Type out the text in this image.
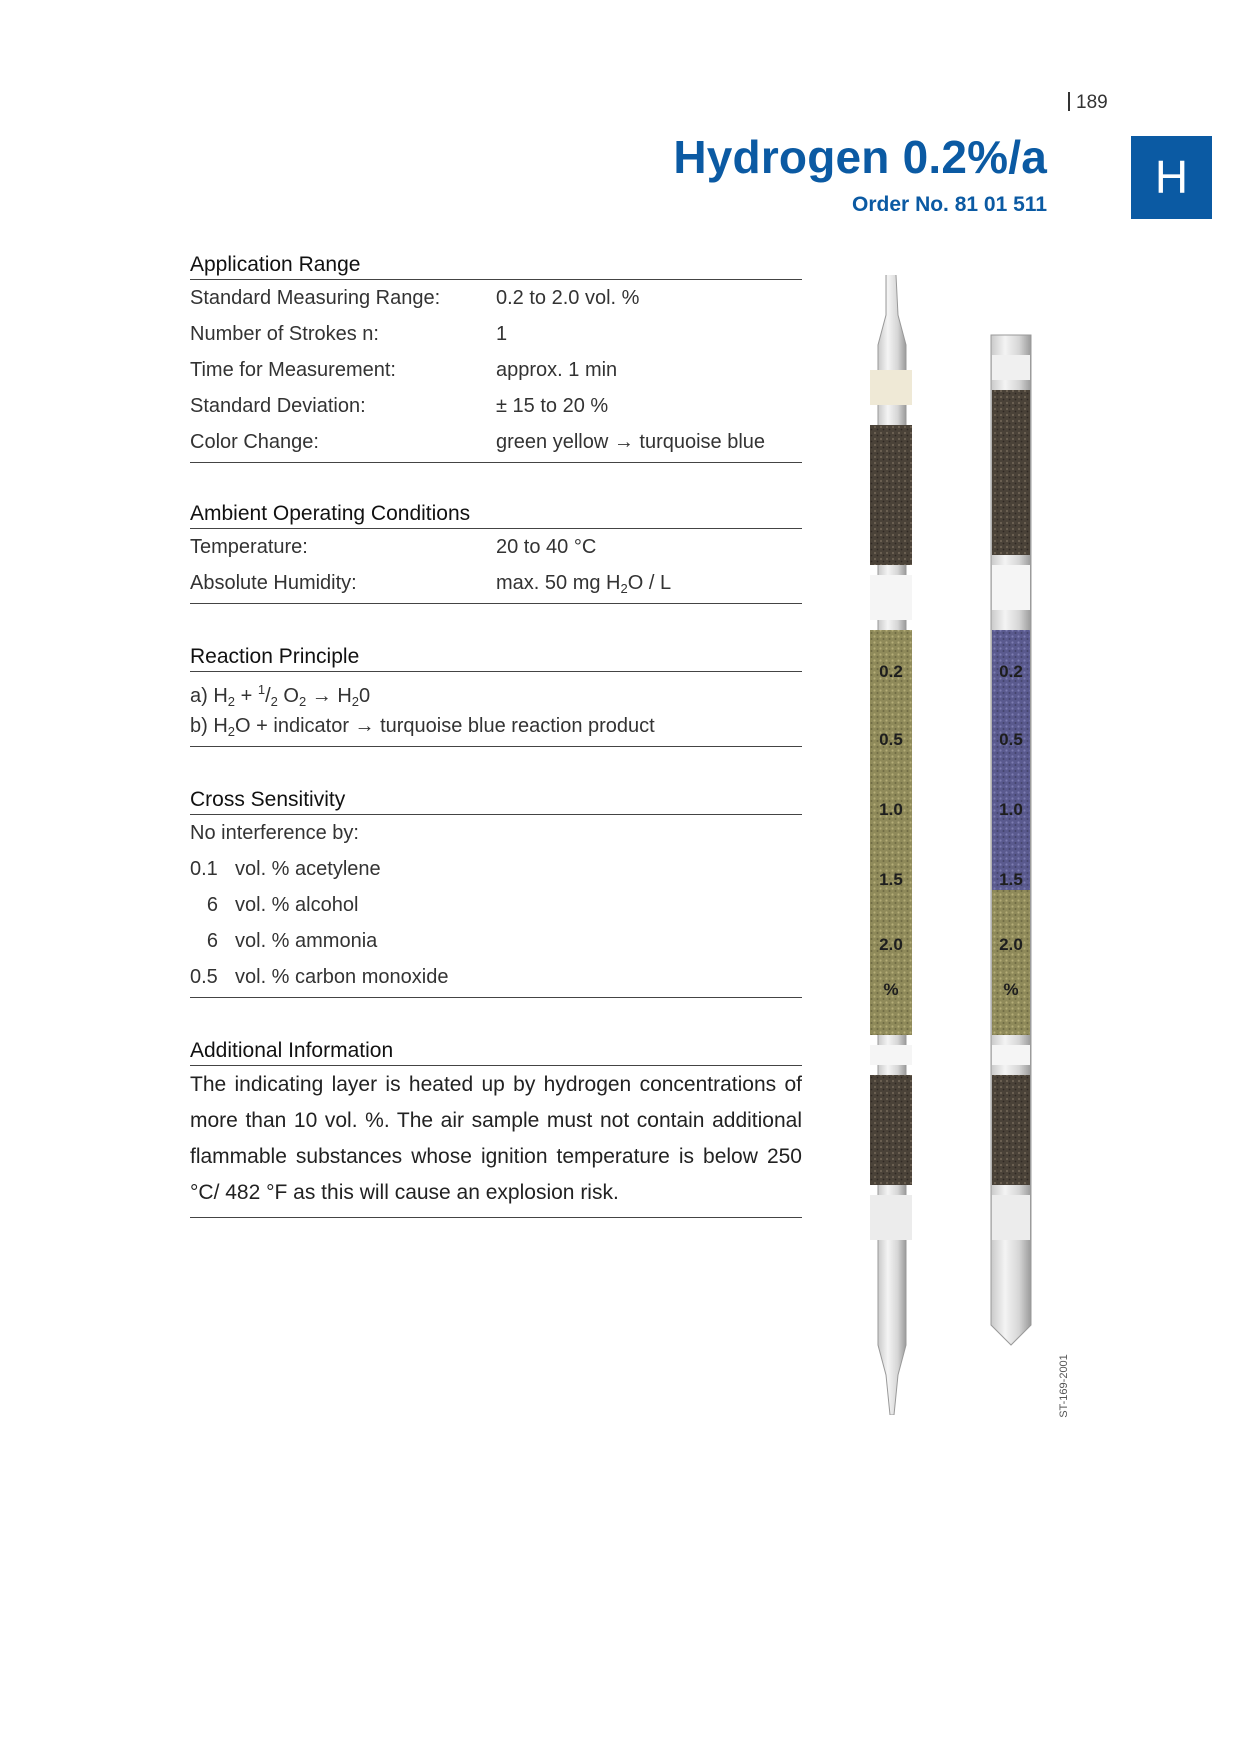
189
Hydrogen 0.2%/a
Order No. 81 01 511
H
Application Range
Standard Measuring Range:	0.2 to 2.0 vol. %
Number of Strokes n:	1
Time for Measurement:	approx. 1 min
Standard Deviation:	± 15 to 20 %
Color Change:	green yellow → turquoise blue
Ambient Operating Conditions
Temperature:	20 to 40 °C
Absolute Humidity:	max. 50 mg $H_2O$ / L
Reaction Principle
a) $H_2 + ^1/_2$ $O_2 \to H_20$
b) $H_2O$ + indicator → turquoise blue reaction product
Cross Sensitivity
No interference by:
0.1 vol. % acetylene
6 vol. % alcohol
6 vol. % ammonia
0.5 vol. % carbon monoxide
Additional Information
The indicating layer is heated up by hydrogen concentrations of more than 10 vol. %. The air sample must not contain additional flammable substances whose ignition temperature is below 250 °C/ 482 °F as this will cause an explosion risk.
0.2	0.2
0.5	0.5
1.0	1.0
1.5	1.5
2.0	2.0
%	%
ST-169-2001
